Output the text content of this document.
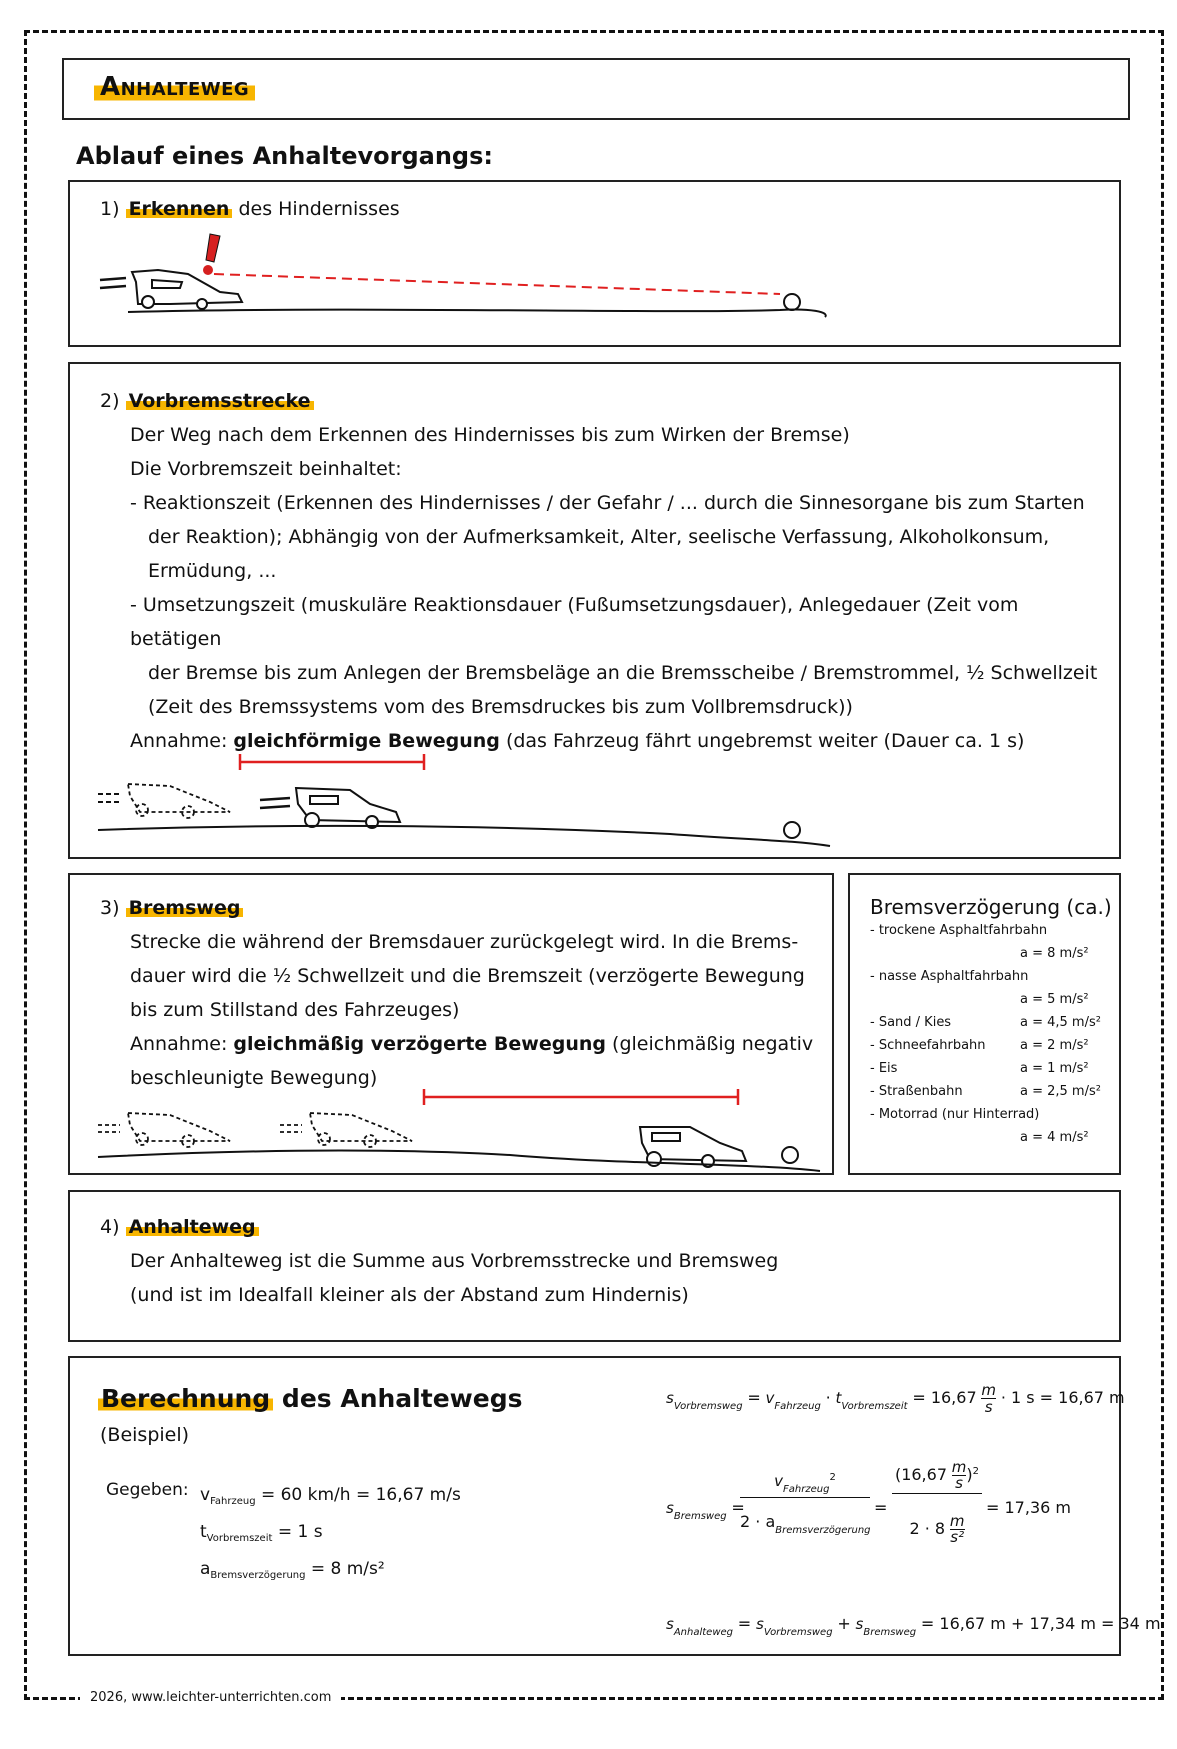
2026, www.leichter-unterrichten.com
Anhalteweg
Ablauf eines Anhaltevorgangs:
1) Erkennen des Hindernisses
2) Vorbremsstrecke
Der Weg nach dem Erkennen des Hindernisses bis zum Wirken der Bremse)
Die Vorbremszeit beinhaltet:
- Reaktionszeit (Erkennen des Hindernisses / der Gefahr / ... durch die Sinnesorgane bis zum Starten
der Reaktion); Abhängig von der Aufmerksamkeit, Alter, seelische Verfassung, Alkoholkonsum,
Ermüdung, ...
- Umsetzungszeit (muskuläre Reaktionsdauer (Fußumsetzungsdauer), Anlegedauer (Zeit vom betätigen
der Bremse bis zum Anlegen der Bremsbeläge an die Bremsscheibe / Bremstrommel, ½ Schwellzeit
(Zeit des Bremssystems vom des Bremsdruckes bis zum Vollbremsdruck))
Annahme: gleichförmige Bewegung (das Fahrzeug fährt ungebremst weiter (Dauer ca. 1 s)
3) Bremsweg
Strecke die während der Bremsdauer zurückgelegt wird. In die Brems-
dauer wird die ½ Schwellzeit und die Bremszeit (verzögerte Bewegung
bis zum Stillstand des Fahrzeuges)
Annahme: gleichmäßig verzögerte Bewegung (gleichmäßig negativ
beschleunigte Bewegung)
Bremsverzögerung (ca.)
- trockene Asphaltfahrbahn
a = 8 m/s²
- nasse Asphaltfahrbahn
a = 5 m/s²
- Sand / Kies	a = 4,5 m/s²
- Schneefahrbahn	a = 2 m/s²
- Eis	a = 1 m/s²
- Straßenbahn	a = 2,5 m/s²
- Motorrad (nur Hinterrad)
a = 4 m/s²
4) Anhalteweg
Der Anhalteweg ist die Summe aus Vorbremsstrecke und Bremsweg
(und ist im Idealfall kleiner als der Abstand zum Hindernis)
Berechnung des Anhaltewegs
(Beispiel)
Gegeben: $v_{Fahrzeug} = 60$ km/h = 16,67 m/s
$t_{Vorbremszeit} = 1$ s
$a_{Bremsverzögerung} = 8$ m/s²
$s_{Vorbremsweg} = v_{Fahrzeug} \cdot t_{Vorbremszeit} = 16,67 \frac{m}{s} \cdot 1$ s = 16,67 m
$s_{Bremsweg}$ =
$v_{Fahrzeug}^2$
$2 \cdot a_{Bremsverzögerung}$
=
$(16,67 \frac{m}{s} )^2$
$2 \cdot 8 \frac{m}{\text{s²}}$
= 17,36 m
$s_{Anhalteweg} = s_{Vorbremsweg} + s_{Bremsweg} = 16,67$ m + 17,34 m = 34 m
